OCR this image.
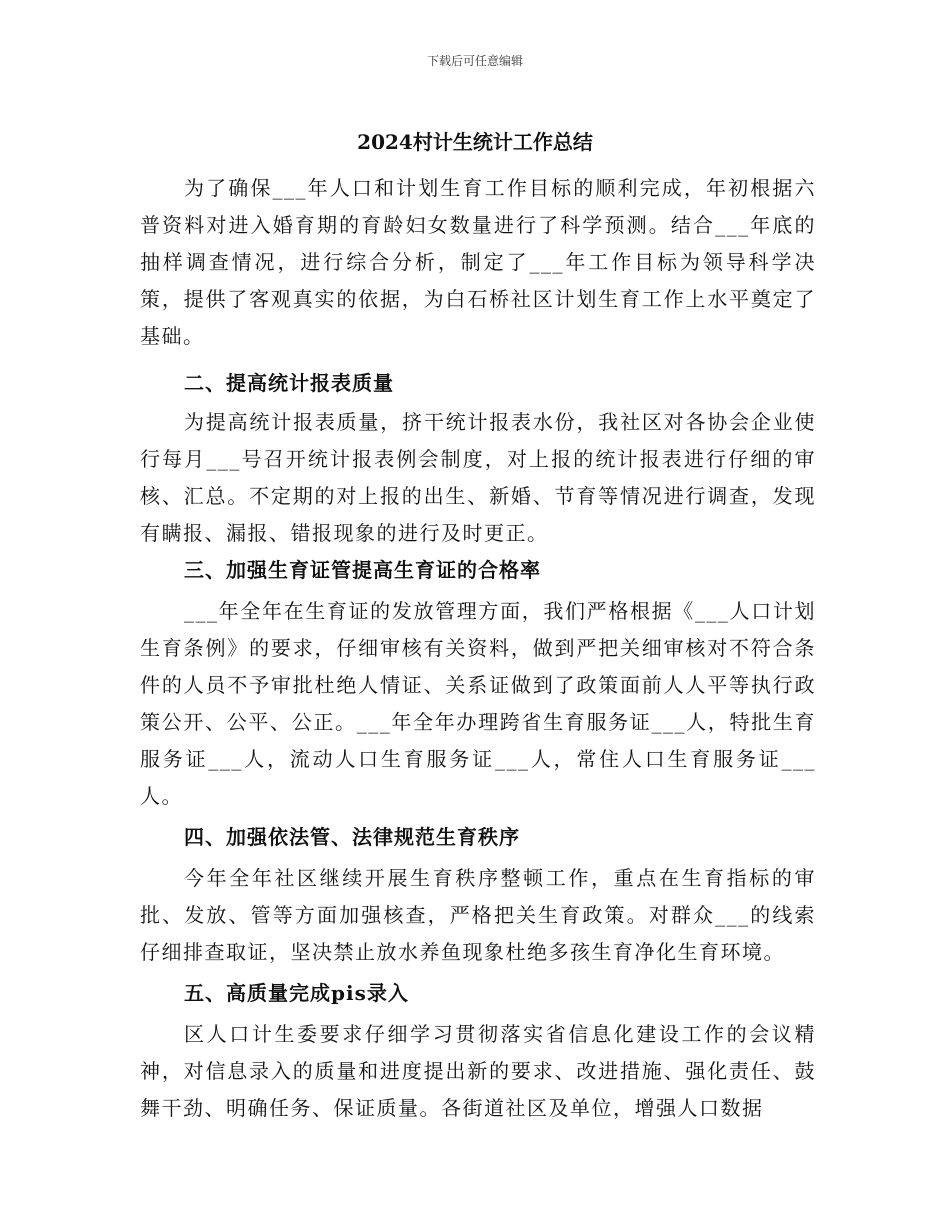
下载后可任意编辑
2024村计生统计工作总结

为了确保___年人口和计划生育工作目标的顺利完成，年初根据六普资料对进入婚育期的育龄妇女数量进行了科学预测。结合___年底的抽样调查情况，进行综合分析，制定了___年工作目标为领导科学决策，提供了客观真实的依据，为白石桥社区计划生育工作上水平奠定了基础。

二、提高统计报表质量

为提高统计报表质量，挤干统计报表水份，我社区对各协会企业使行每月___号召开统计报表例会制度，对上报的统计报表进行仔细的审核、汇总。不定期的对上报的出生、新婚、节育等情况进行调查，发现有瞒报、漏报、错报现象的进行及时更正。

三、加强生育证管提高生育证的合格率

___年全年在生育证的发放管理方面，我们严格根据《___人口计划生育条例》的要求，仔细审核有关资料，做到严把关细审核对不符合条件的人员不予审批杜绝人情证、关系证做到了政策面前人人平等执行政策公开、公平、公正。___年全年办理跨省生育服务证___人，特批生育服务证___人，流动人口生育服务证___人，常住人口生育服务证___人。

四、加强依法管、法律规范生育秩序

今年全年社区继续开展生育秩序整顿工作，重点在生育指标的审批、发放、管等方面加强核查，严格把关生育政策。对群众___的线索仔细排查取证，坚决禁止放水养鱼现象杜绝多孩生育净化生育环境。

五、高质量完成pis录入

区人口计生委要求仔细学习贯彻落实省信息化建设工作的会议精神，对信息录入的质量和进度提出新的要求、改进措施、强化责任、鼓舞干劲、明确任务、保证质量。各街道社区及单位，增强人口数据
